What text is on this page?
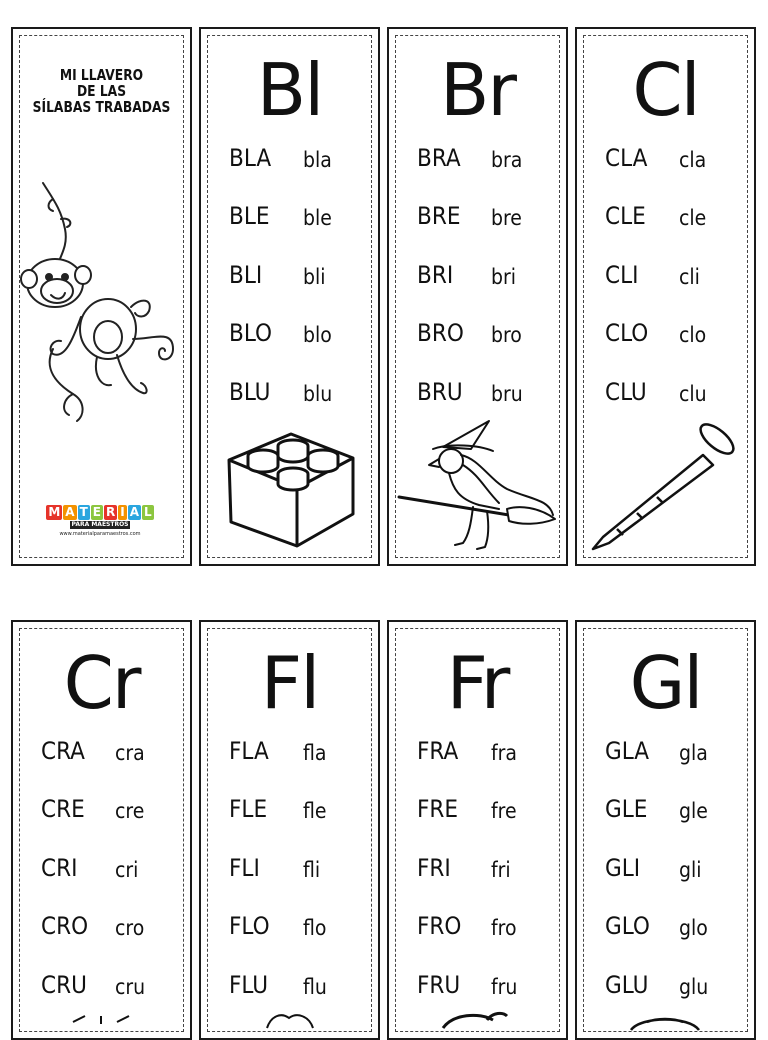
MI LLAVERO
DE LAS
SÍLABAS TRABADAS
M A T E R I A L
PARA MAESTROS
www.materialparamaestros.com
Bl
BLA bla
BLE ble
BLI bli
BLO blo
BLU blu
Br
BRA bra
BRE bre
BRI bri
BRO bro
BRU bru
Cl
CLA cla
CLE cle
CLI cli
CLO clo
CLU clu
Cr
CRA cra
CRE cre
CRI cri
CRO cro
CRU cru
Fl
FLA fla
FLE fle
FLI fli
FLO flo
FLU flu
Fr
FRA fra
FRE fre
FRI fri
FRO fro
FRU fru
Gl
GLA gla
GLE gle
GLI gli
GLO glo
GLU glu
